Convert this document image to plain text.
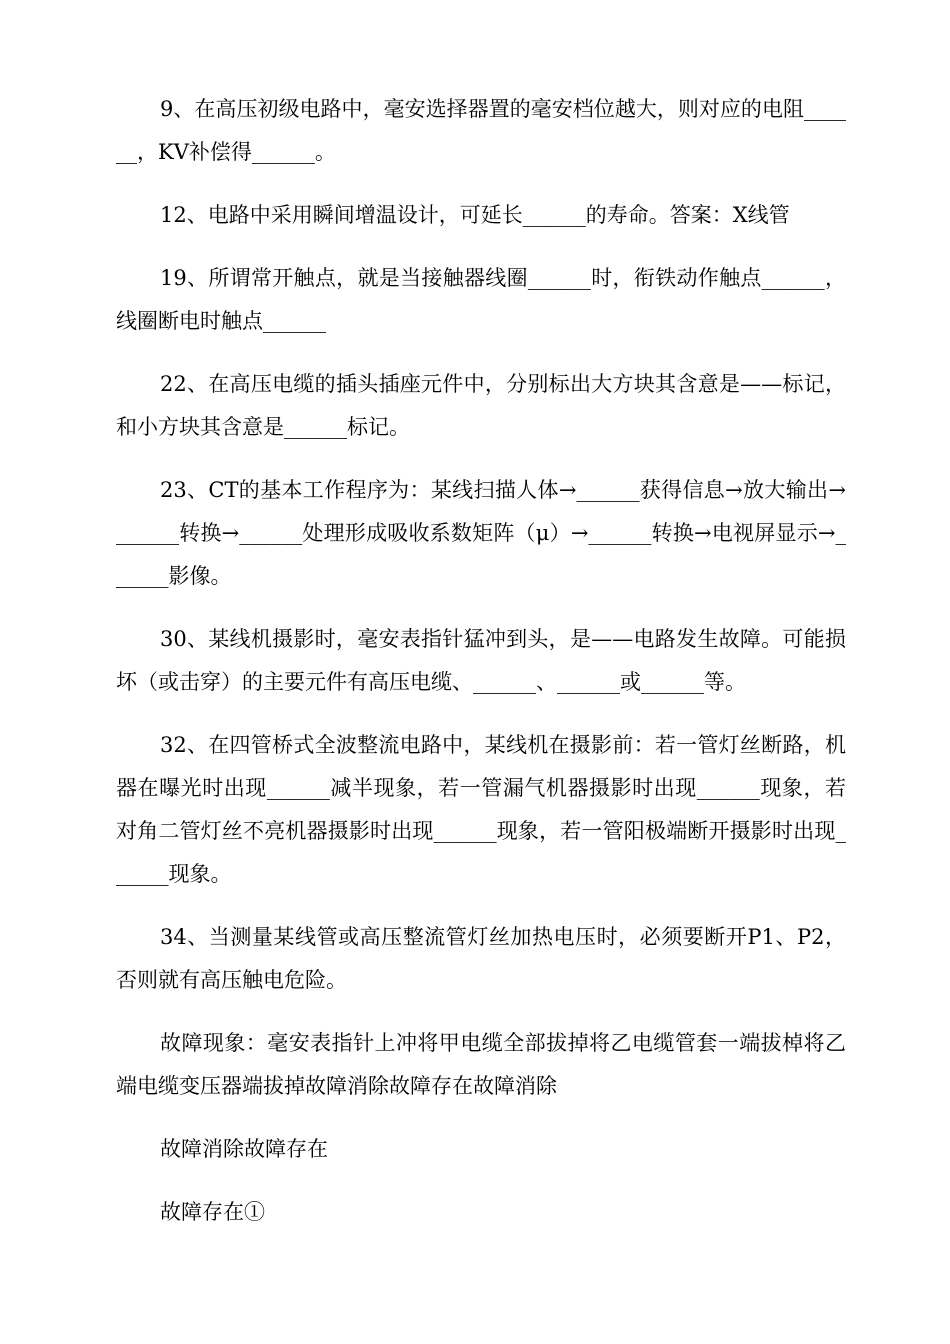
9、在高压初级电路中，毫安选择器置的毫安档位越大，则对应的电阻______，KV补偿得______。

12、电路中采用瞬间增温设计，可延长______的寿命。答案：X线管

19、所谓常开触点，就是当接触器线圈______时，衔铁动作触点______，线圈断电时触点______

22、在高压电缆的插头插座元件中，分别标出大方块其含意是——标记，和小方块其含意是______标记。

23、CT的基本工作程序为：某线扫描人体→______获得信息→放大输出→______转换→______处理形成吸收系数矩阵（μ）→______转换→电视屏显示→______影像。

30、某线机摄影时，毫安表指针猛冲到头，是——电路发生故障。可能损坏（或击穿）的主要元件有高压电缆、______、______或______等。

32、在四管桥式全波整流电路中，某线机在摄影前：若一管灯丝断路，机器在曝光时出现______减半现象，若一管漏气机器摄影时出现______现象，若对角二管灯丝不亮机器摄影时出现______现象，若一管阳极端断开摄影时出现______现象。

34、当测量某线管或高压整流管灯丝加热电压时，必须要断开P1、P2，否则就有高压触电危险。

故障现象：毫安表指针上冲将甲电缆全部拔掉将乙电缆管套一端拔棹将乙端电缆变压器端拔掉故障消除故障存在故障消除

故障消除故障存在

故障存在①
